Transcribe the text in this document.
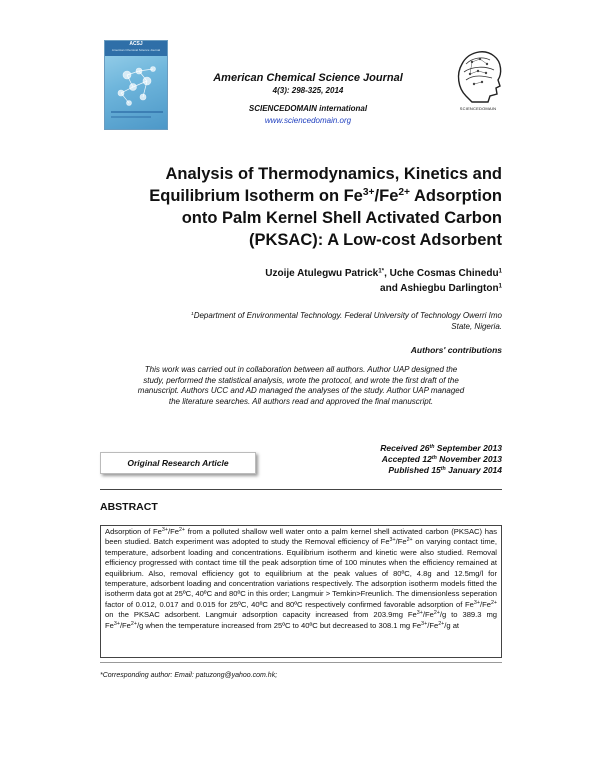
ACSJ
American Chemical Science Journal
American Chemical Science Journal
4(3): 298-325, 2014
SCIENCEDOMAIN international
www.sciencedomain.org
SCIENCEDOMAIN
Analysis of Thermodynamics, Kinetics and
Equilibrium Isotherm on $Fe^{3+}/Fe^{2+}$ Adsorption
onto Palm Kernel Shell Activated Carbon
(PKSAC): A Low-cost Adsorbent
Uzoije Atulegwu Patrick$^{1*}$, Uche Cosmas Chinedu$^1$
and Ashiegbu Darlington$^1$
$^1$Department of Environmental Technology. Federal University of Technology Owerri Imo
State, Nigeria.
Authors' contributions
This work was carried out in collaboration between all authors. Author UAP designed the
study, performed the statistical analysis, wrote the protocol, and wrote the first draft of the
manuscript. Authors UCC and AD managed the analyses of the study. Author UAP managed
the literature searches. All authors read and approved the final manuscript.
Original Research Article
Received 26th September 2013
Accepted 12th November 2013
Published 15th January 2014
ABSTRACT
Adsorption of $Fe^{3+}/Fe^{2+}$ from a polluted shallow well water onto a palm kernel shell activated carbon (PKSAC) has been studied. Batch experiment was adopted to study the Removal efficiency of $Fe^{3+}/Fe^{2+}$ on varying contact time, temperature, adsorbent loading and concentrations. Equilibrium isotherm and kinetic were also studied. Removal efficiency progressed with contact time till the peak adsorption time of 100 minutes when the efficiency remained at equilibrium. Also, removal efficiency got to equilibrium at the peak values of 80ºC, 4.8g and 12.5mg/l for temperature, adsorbent loading and concentration variations respectively. The adsorption isotherm models fitted the isotherm data got at 25ºC, 40ºC and 80ºC in this order; Langmuir > Temkin>Freunlich. The dimensionless seperation factor of 0.012, 0.017 and 0.015 for 25ºC, 40ºC and 80ºC respectively confirmed favorable adsorption of $Fe^{3+}/Fe^{2+}$ on the PKSAC adsorbent. Langmuir adsorption capacity increased from 203.9mg $Fe^{3+}/Fe^{2+}/g$ to 389.3 mg $Fe^{3+}/Fe^{2+}/g$ when the temperature increased from 25ºC to 40ºC but decreased to 308.1 mg $Fe^{3+}/Fe^{2+}/g$ at
*Corresponding author: Email: patuzong@yahoo.com.hk;
